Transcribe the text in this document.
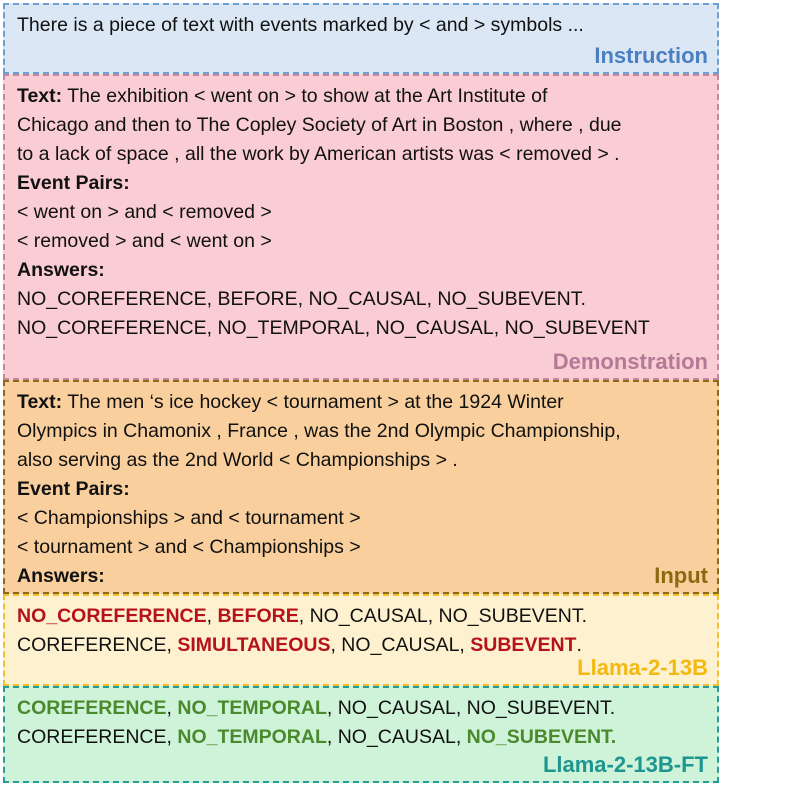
There is a piece of text with events marked by < and > symbols ...
Instruction
Text: The exhibition < went on > to show at the Art Institute of
Chicago and then to The Copley Society of Art in Boston , where , due
to a lack of space , all the work by American artists was < removed > .
Event Pairs:
< went on > and < removed >
< removed > and < went on >
Answers:
NO_COREFERENCE, BEFORE, NO_CAUSAL, NO_SUBEVENT.
NO_COREFERENCE, NO_TEMPORAL, NO_CAUSAL, NO_SUBEVENT
Demonstration
Text: The men ‘s ice hockey < tournament > at the 1924 Winter
Olympics in Chamonix , France , was the 2nd Olympic Championship,
also serving as the 2nd World < Championships > .
Event Pairs:
< Championships > and < tournament >
< tournament > and < Championships >
Answers:	Input
NO_COREFERENCE, BEFORE, NO_CAUSAL, NO_SUBEVENT.
COREFERENCE, SIMULTANEOUS, NO_CAUSAL, SUBEVENT.
Llama-2-13B
COREFERENCE, NO_TEMPORAL, NO_CAUSAL, NO_SUBEVENT.
COREFERENCE, NO_TEMPORAL, NO_CAUSAL, NO_SUBEVENT.
Llama-2-13B-FT
